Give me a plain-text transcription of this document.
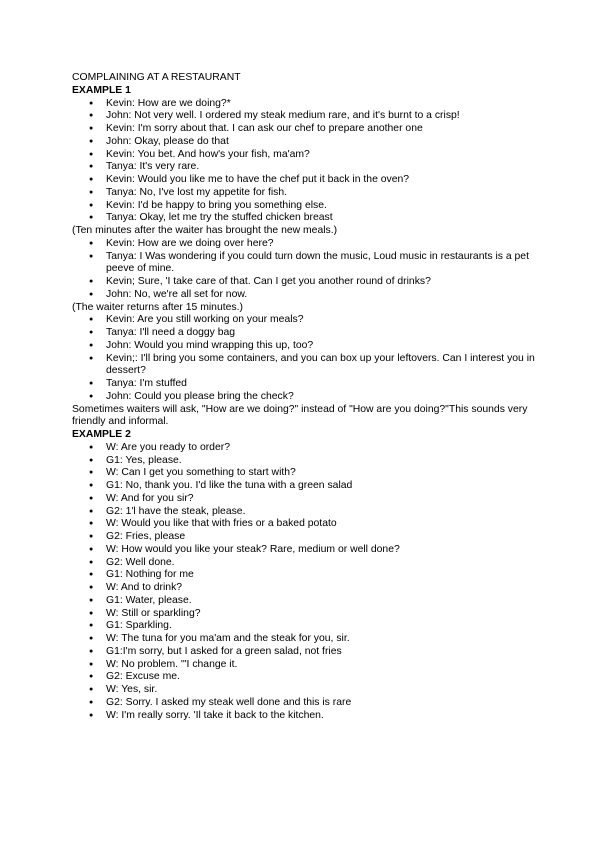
COMPLAINING AT A RESTAURANT

EXAMPLE 1

● Kevin: How are we doing?*
● John: Not very well. I ordered my steak medium rare, and it's burnt to a crisp!
● Kevin: I'm sorry about that. I can ask our chef to prepare another one
● John: Okay, please do that
● Kevin: You bet. And how's your fish, ma'am?
● Tanya: It's very rare.
● Kevin: Would you like me to have the chef put it back in the oven?
● Tanya: No, I've lost my appetite for fish.
● Kevin: I'd be happy to bring you something else.
● Tanya: Okay, let me try the stuffed chicken breast

(Ten minutes after the waiter has brought the new meals.)

● Kevin: How are we doing over here?
● Tanya: I Was wondering if you could turn down the music, Loud music in restaurants is a pet peeve of mine.
● Kevin; Sure, 'I take care of that. Can I get you another round of drinks?
● John: No, we're all set for now.

(The waiter returns after 15 minutes.)

● Kevin: Are you still working on your meals?
● Tanya: I'll need a doggy bag
● John: Would you mind wrapping this up, too?
● Kevin;: I'll bring you some containers, and you can box up your leftovers. Can I interest you in dessert?
● Tanya: I'm stuffed
● John: Could you please bring the check?

Sometimes waiters will ask, "How are we doing?" instead of "How are you doing?"This sounds very friendly and informal.

EXAMPLE 2

● W: Are you ready to order?
● G1: Yes, please.
● W: Can I get you something to start with?
● G1: No, thank you. I'd like the tuna with a green salad
● W: And for you sir?
● G2: 1'l have the steak, please.
● W: Would you like that with fries or a baked potato
● G2: Fries, please
● W: How would you like your steak? Rare, medium or well done?
● G2: Well done.
● G1: Nothing for me
● W: And to drink?
● G1: Water, please.
● W: Still or sparkling?
● G1: Sparkling.
● W: The tuna for you ma'am and the steak for you, sir.
● G1:I'm sorry, but I asked for a green salad, not fries
● W: No problem. '"I change it.
● G2: Excuse me.
● W: Yes, sir.
● G2: Sorry. I asked my steak well done and this is rare
● W: I'm really sorry. 'Il take it back to the kitchen.
